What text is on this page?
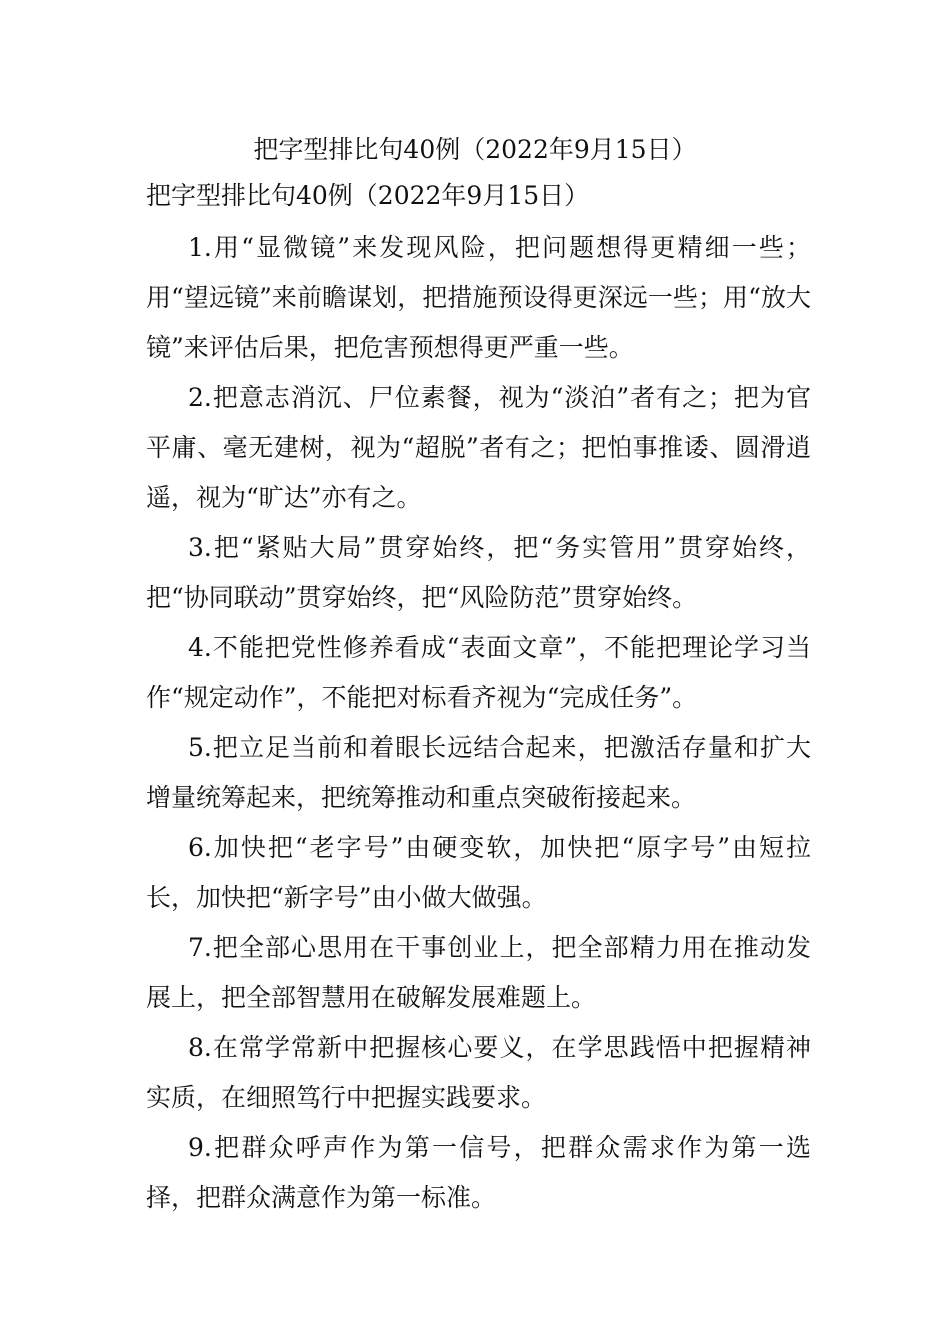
把字型排比句40例（2022年9月15日）

把字型排比句40例（2022年9月15日）

1.用“显微镜”来发现风险，把问题想得更精细一些；用“望远镜”来前瞻谋划，把措施预设得更深远一些；用“放大镜”来评估后果，把危害预想得更严重一些。

2.把意志消沉、尸位素餐，视为“淡泊”者有之；把为官平庸、毫无建树，视为“超脱”者有之；把怕事推诿、圆滑逍遥，视为“旷达”亦有之。

3.把“紧贴大局”贯穿始终，把“务实管用”贯穿始终，把“协同联动”贯穿始终，把“风险防范”贯穿始终。

4.不能把党性修养看成“表面文章”，不能把理论学习当作“规定动作”，不能把对标看齐视为“完成任务”。

5.把立足当前和着眼长远结合起来，把激活存量和扩大增量统筹起来，把统筹推动和重点突破衔接起来。

6.加快把“老字号”由硬变软，加快把“原字号”由短拉长，加快把“新字号”由小做大做强。

7.把全部心思用在干事创业上，把全部精力用在推动发展上，把全部智慧用在破解发展难题上。

8.在常学常新中把握核心要义，在学思践悟中把握精神实质，在细照笃行中把握实践要求。

9.把群众呼声作为第一信号，把群众需求作为第一选择，把群众满意作为第一标准。
